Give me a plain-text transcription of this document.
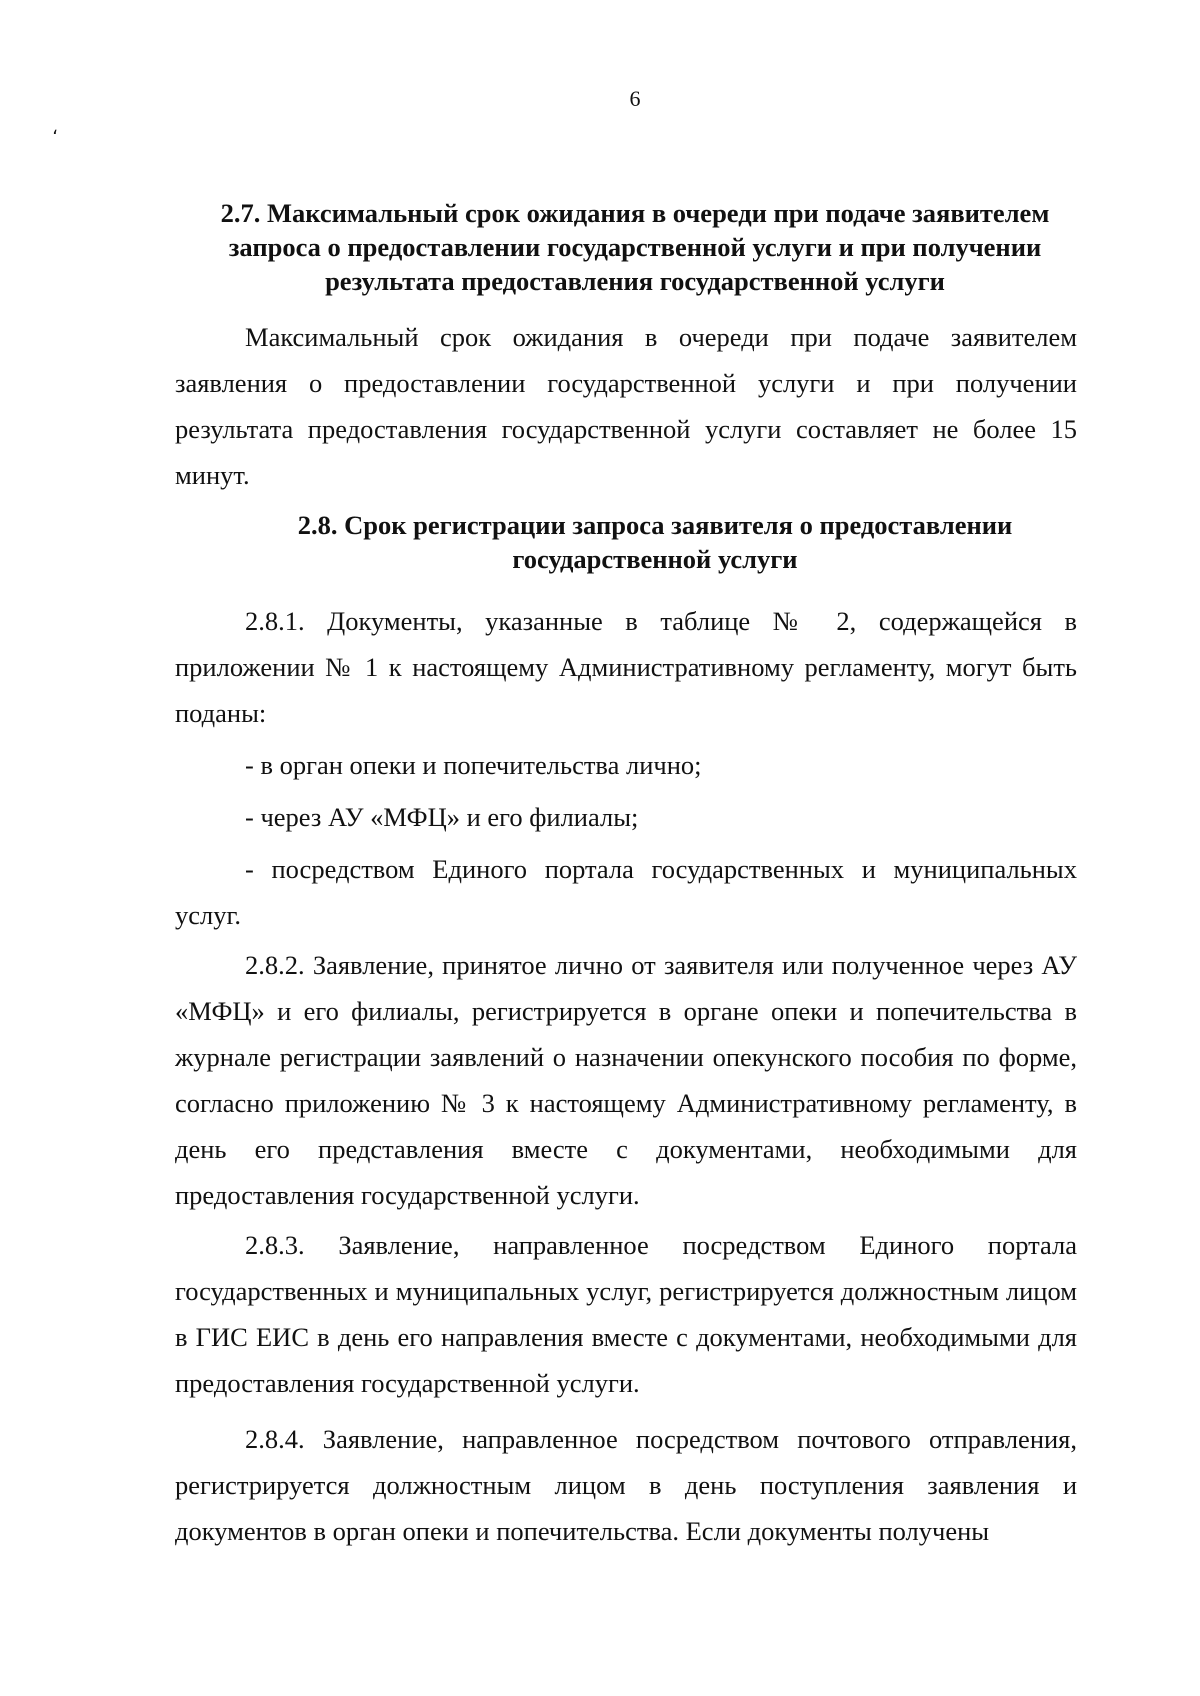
6
،

2.7. Максимальный срок ожидания в очереди при подаче заявителем запроса о предоставлении государственной услуги и при получении результата предоставления государственной услуги

Максимальный срок ожидания в очереди при подаче заявителем заявления о предоставлении государственной услуги и при получении результата предоставления государственной услуги составляет не более 15 минут.

2.8. Срок регистрации запроса заявителя о предоставлении государственной услуги

2.8.1. Документы, указанные в таблице № 2, содержащейся в приложении № 1 к настоящему Административному регламенту, могут быть поданы:

- в орган опеки и попечительства лично;

- через АУ «МФЦ» и его филиалы;

- посредством Единого портала государственных и муниципальных услуг.

2.8.2. Заявление, принятое лично от заявителя или полученное через АУ «МФЦ» и его филиалы, регистрируется в органе опеки и попечительства в журнале регистрации заявлений о назначении опекунского пособия по форме, согласно приложению № 3 к настоящему Административному регламенту, в день его представления вместе с документами, необходимыми для предоставления государственной услуги.

2.8.3. Заявление, направленное посредством Единого портала государственных и муниципальных услуг, регистрируется должностным лицом в ГИС ЕИС в день его направления вместе с документами, необходимыми для предоставления государственной услуги.

2.8.4. Заявление, направленное посредством почтового отправления, регистрируется должностным лицом в день поступления заявления и документов в орган опеки и попечительства. Если документы получены
